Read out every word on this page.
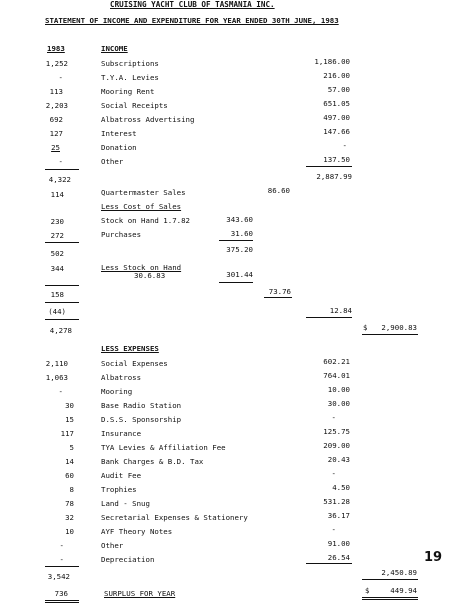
CRUISING YACHT CLUB OF TASMANIA INC.
STATEMENT OF INCOME AND EXPENDITURE FOR YEAR ENDED 30TH JUNE, 1983
1983	INCOME
1,252	Subscriptions	1,186.00
-	T.Y.A. Levies	216.00
113	Mooring Rent	57.00
2,203	Social Receipts	651.05
692	Albatross Advertising	497.00
127	Interest	147.66
25	Donation	-
-	Other	137.50
4,322	2,887.99
114	Quartermaster Sales	86.60
Less Cost of Sales
230	Stock on Hand 1.7.82	343.60
272	Purchases	31.60
502	375.20
344	Less Stock on Hand
30.6.83	301.44
158	73.76
(44)	12.84
4,278	$ 2,900.83
LESS EXPENSES
2,110	Social Expenses	602.21
1,063	Albatross	764.01
-	Mooring	10.00
30	Base Radio Station	30.00
15	D.S.S. Sponsorship	-
117	Insurance	125.75
5	TYA Levies & Affiliation Fee	209.00
14	Bank Charges & B.D. Tax	20.43
60	Audit Fee	-
8	Trophies	4.50
78	Land - Snug	531.28
32	Secretarial Expenses & Stationery	36.17
10	AYF Theory Notes	-
-	Other	91.00
-	Depreciation	26.54
3,542	2,450.89
19
736	SURPLUS FOR YEAR	$	449.94
